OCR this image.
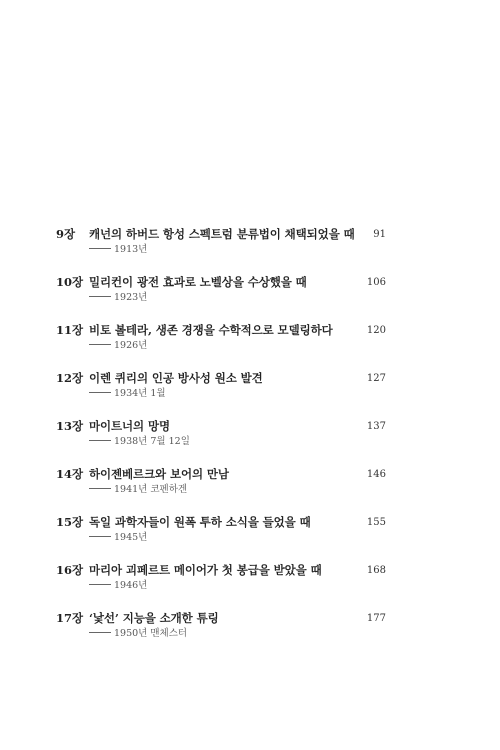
9장	캐넌의 하버드 항성 스펙트럼 분류법이 채택되었을 때	91
1913년
10장 밀리컨이 광전 효과로 노벨상을 수상했을 때	106
1923년
11장 비토 볼테라, 생존 경쟁을 수학적으로 모델링하다	120
1926년
12장 이렌 퀴리의 인공 방사성 원소 발견	127
1934년 1월
13장 마이트너의 망명	137
1938년 7월 12일
14장 하이젠베르크와 보어의 만남	146
1941년 코펜하겐
15장 독일 과학자들이 원폭 투하 소식을 들었을 때	155
1945년
16장 마리아 괴페르트 메이어가 첫 봉급을 받았을 때	168
1946년
17장 ‘낯선’ 지능을 소개한 튜링	177
1950년 맨체스터
